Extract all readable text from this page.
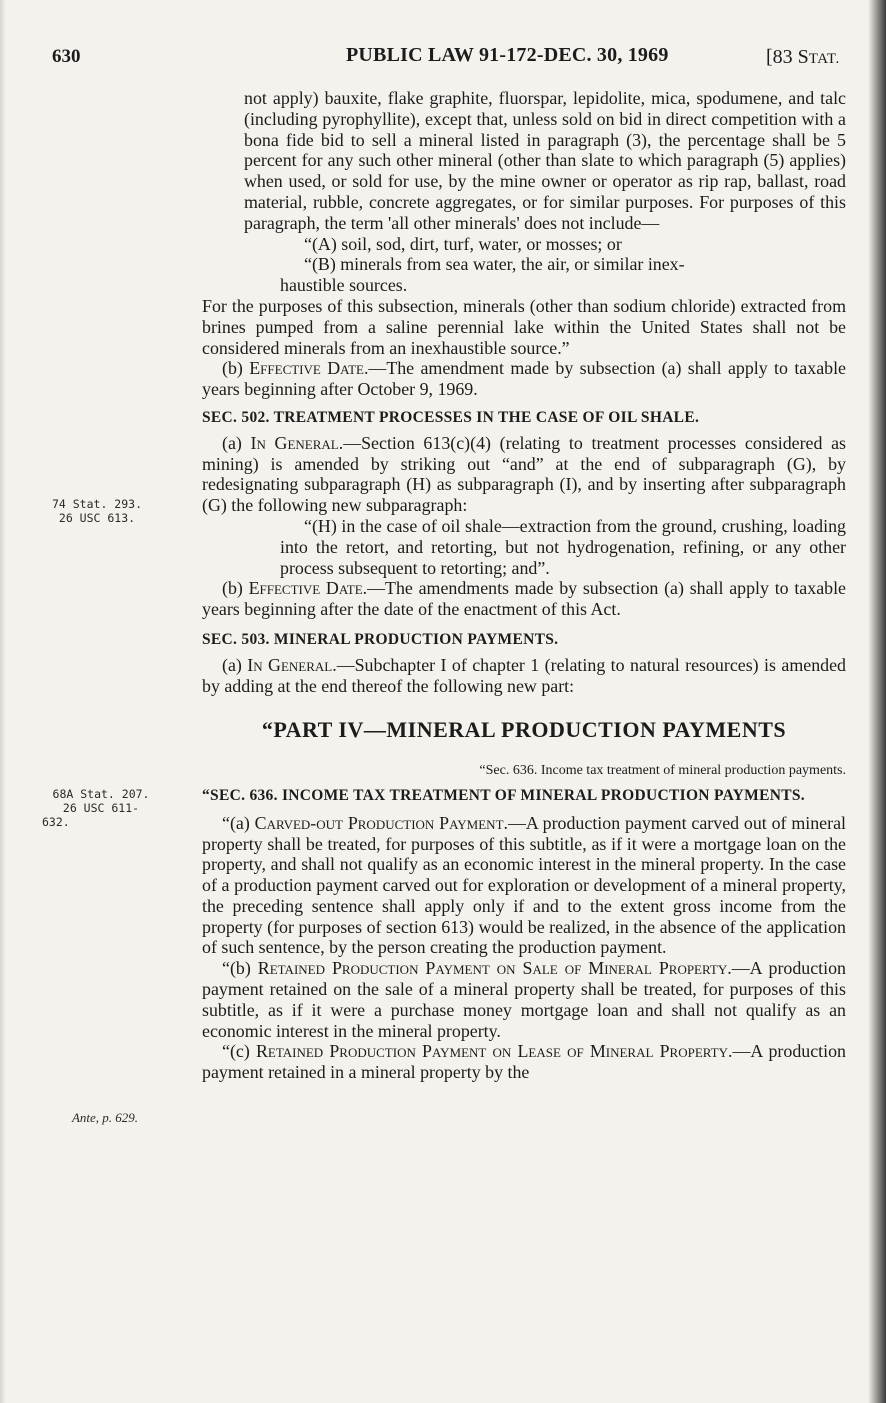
630	PUBLIC LAW 91-172-DEC. 30, 1969	[83 STAT.
74 Stat. 293.
26 USC 613.
68A Stat. 207.
26 USC 611-
632.
Ante, p. 629.

not apply) bauxite, flake graphite, fluorspar, lepidolite, mica, spodumene, and talc (including pyrophyllite), except that, unless sold on bid in direct competition with a bona fide bid to sell a mineral listed in paragraph (3), the percentage shall be 5 percent for any such other mineral (other than slate to which paragraph (5) applies) when used, or sold for use, by the mine owner or operator as rip rap, ballast, road material, rubble, concrete aggregates, or for similar purposes. For purposes of this paragraph, the term 'all other minerals' does not include—

“(A) soil, sod, dirt, turf, water, or mosses; or

“(B) minerals from sea water, the air, or similar inex-

haustible sources.

For the purposes of this subsection, minerals (other than sodium chloride) extracted from brines pumped from a saline perennial lake within the United States shall not be considered minerals from an inexhaustible source.”

(b) Effective Date.—The amendment made by subsection (a) shall apply to taxable years beginning after October 9, 1969.

SEC. 502. TREATMENT PROCESSES IN THE CASE OF OIL SHALE.

(a) In General.—Section 613(c)(4) (relating to treatment processes considered as mining) is amended by striking out “and” at the end of subparagraph (G), by redesignating subparagraph (H) as subparagraph (I), and by inserting after subparagraph (G) the following new subparagraph:

“(H) in the case of oil shale—extraction from the ground, crushing, loading into the retort, and retorting, but not hydrogenation, refining, or any other process subsequent to retorting; and”.

(b) Effective Date.—The amendments made by subsection (a) shall apply to taxable years beginning after the date of the enactment of this Act.

SEC. 503. MINERAL PRODUCTION PAYMENTS.

(a) In General.—Subchapter I of chapter 1 (relating to natural resources) is amended by adding at the end thereof the following new part:

“PART IV—MINERAL PRODUCTION PAYMENTS

“Sec. 636. Income tax treatment of mineral production payments.

“SEC. 636. INCOME TAX TREATMENT OF MINERAL PRODUCTION PAYMENTS.

“(a) Carved-out Production Payment.—A production payment carved out of mineral property shall be treated, for purposes of this subtitle, as if it were a mortgage loan on the property, and shall not qualify as an economic interest in the mineral property. In the case of a production payment carved out for exploration or development of a mineral property, the preceding sentence shall apply only if and to the extent gross income from the property (for purposes of section 613) would be realized, in the absence of the application of such sentence, by the person creating the production payment.

“(b) Retained Production Payment on Sale of Mineral Property.—A production payment retained on the sale of a mineral property shall be treated, for purposes of this subtitle, as if it were a purchase money mortgage loan and shall not qualify as an economic interest in the mineral property.

“(c) Retained Production Payment on Lease of Mineral Property.—A production payment retained in a mineral property by the
